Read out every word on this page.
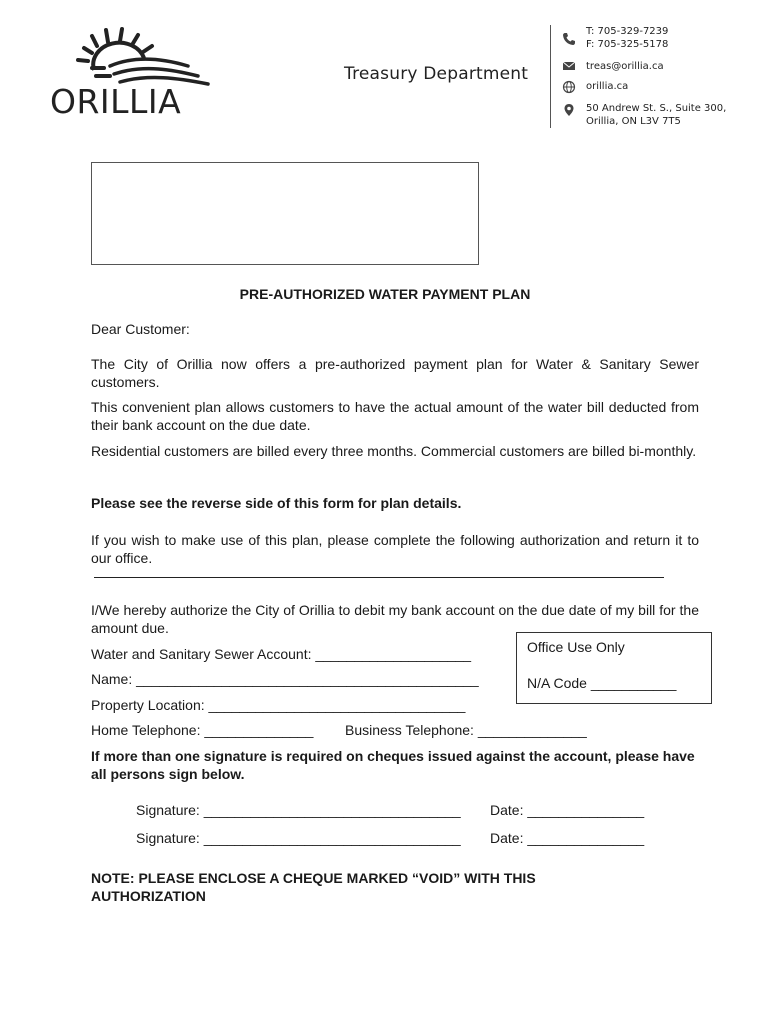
ORILLIA
Treasury Department
T: 705-329-7239
F: 705-325-5178
treas@orillia.ca
orillia.ca
50 Andrew St. S., Suite 300,
Orillia, ON L3V 7T5
PRE-AUTHORIZED WATER PAYMENT PLAN
Dear Customer:
The City of Orillia now offers a pre-authorized payment plan for Water & Sanitary Sewer customers.
This convenient plan allows customers to have the actual amount of the water bill deducted from their bank account on the due date.
Residential customers are billed every three months. Commercial customers are billed bi-monthly.
Please see the reverse side of this form for plan details.
If you wish to make use of this plan, please complete the following authorization and return it to our office.
I/We hereby authorize the City of Orillia to debit my bank account on the due date of my bill for the amount due.
Water and Sanitary Sewer Account: ____________________
Name: ____________________________________________
Property Location: _________________________________
Home Telephone: ______________ Business Telephone: ______________
Office Use Only
N/A Code ___________
If more than one signature is required on cheques issued against the account, please have all persons sign below.
Signature: _________________________________ Date: _______________
Signature: _________________________________ Date: _______________
NOTE: PLEASE ENCLOSE A CHEQUE MARKED “VOID” WITH THIS AUTHORIZATION
